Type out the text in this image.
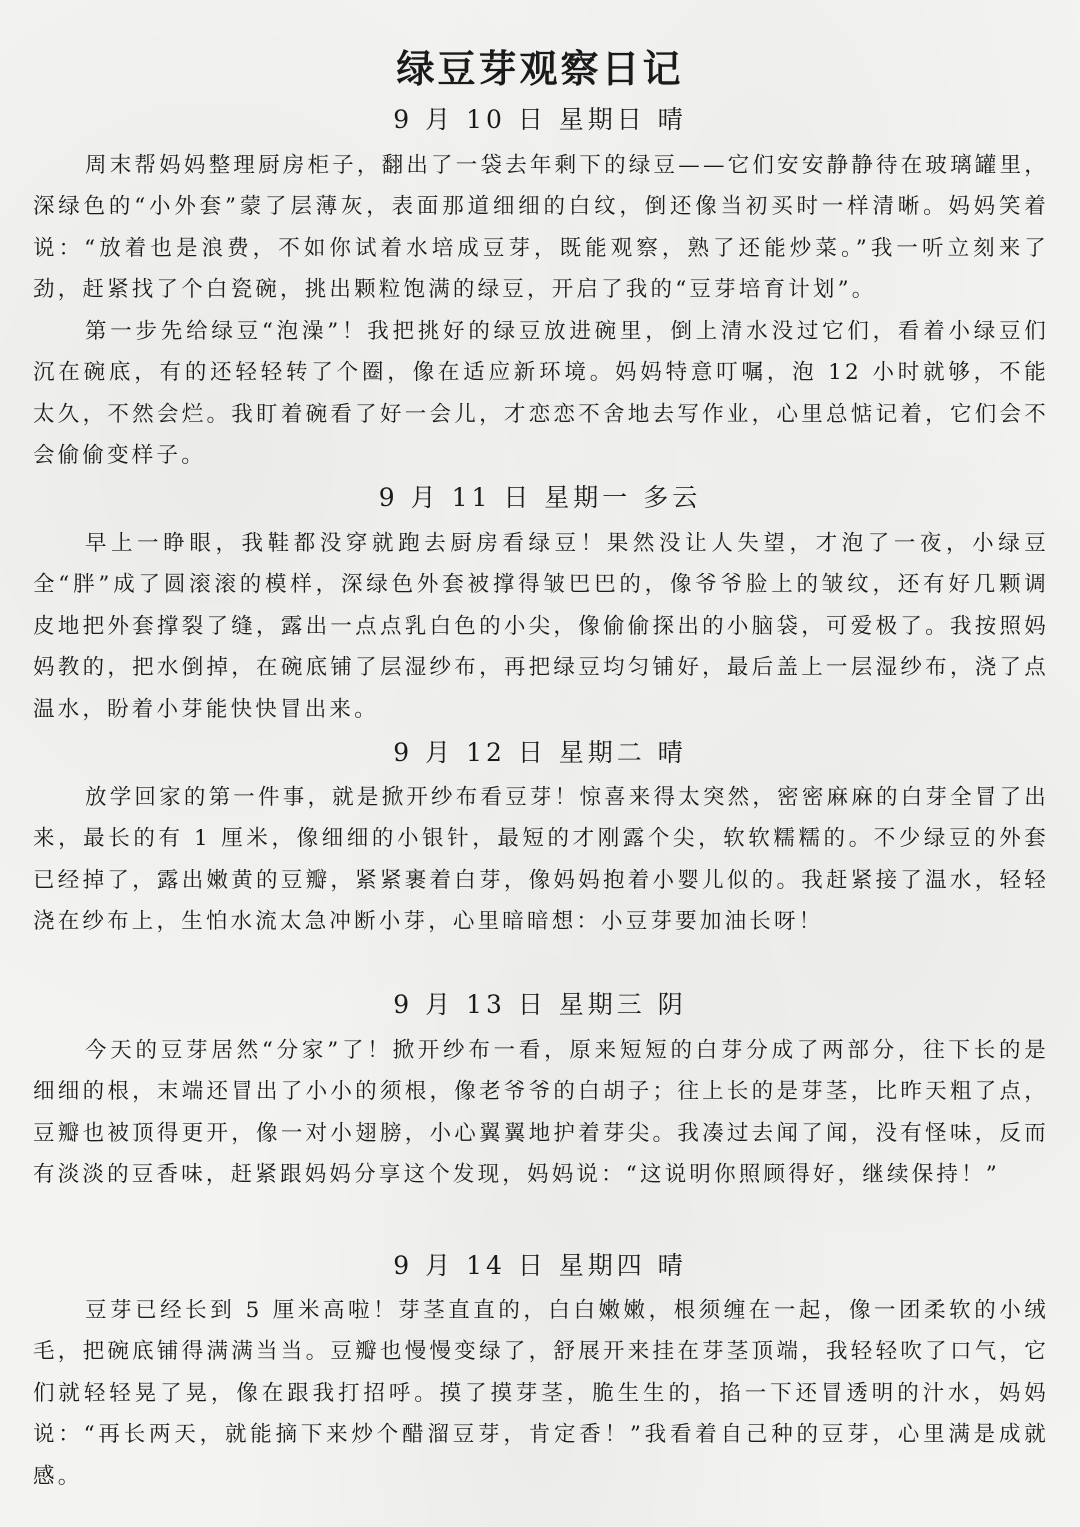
绿豆芽观察日记
9 月 10 日 星期日 晴

周末帮妈妈整理厨房柜子，翻出了一袋去年剩下的绿豆——它们安安静静待在玻璃罐里，深绿色的“小外套”蒙了层薄灰，表面那道细细的白纹，倒还像当初买时一样清晰。妈妈笑着说：“放着也是浪费，不如你试着水培成豆芽，既能观察，熟了还能炒菜。”我一听立刻来了劲，赶紧找了个白瓷碗，挑出颗粒饱满的绿豆，开启了我的“豆芽培育计划”。

第一步先给绿豆“泡澡”！我把挑好的绿豆放进碗里，倒上清水没过它们，看着小绿豆们沉在碗底，有的还轻轻转了个圈，像在适应新环境。妈妈特意叮嘱，泡 12 小时就够，不能太久，不然会烂。我盯着碗看了好一会儿，才恋恋不舍地去写作业，心里总惦记着，它们会不会偷偷变样子。

9 月 11 日 星期一 多云

早上一睁眼，我鞋都没穿就跑去厨房看绿豆！果然没让人失望，才泡了一夜，小绿豆全“胖”成了圆滚滚的模样，深绿色外套被撑得皱巴巴的，像爷爷脸上的皱纹，还有好几颗调皮地把外套撑裂了缝，露出一点点乳白色的小尖，像偷偷探出的小脑袋，可爱极了。我按照妈妈教的，把水倒掉，在碗底铺了层湿纱布，再把绿豆均匀铺好，最后盖上一层湿纱布，浇了点温水，盼着小芽能快快冒出来。

9 月 12 日 星期二 晴

放学回家的第一件事，就是掀开纱布看豆芽！惊喜来得太突然，密密麻麻的白芽全冒了出来，最长的有 1 厘米，像细细的小银针，最短的才刚露个尖，软软糯糯的。不少绿豆的外套已经掉了，露出嫩黄的豆瓣，紧紧裹着白芽，像妈妈抱着小婴儿似的。我赶紧接了温水，轻轻浇在纱布上，生怕水流太急冲断小芽，心里暗暗想：小豆芽要加油长呀！

9 月 13 日 星期三 阴

今天的豆芽居然“分家”了！掀开纱布一看，原来短短的白芽分成了两部分，往下长的是细细的根，末端还冒出了小小的须根，像老爷爷的白胡子；往上长的是芽茎，比昨天粗了点，豆瓣也被顶得更开，像一对小翅膀，小心翼翼地护着芽尖。我凑过去闻了闻，没有怪味，反而有淡淡的豆香味，赶紧跟妈妈分享这个发现，妈妈说：“这说明你照顾得好，继续保持！”

9 月 14 日 星期四 晴

豆芽已经长到 5 厘米高啦！芽茎直直的，白白嫩嫩，根须缠在一起，像一团柔软的小绒毛，把碗底铺得满满当当。豆瓣也慢慢变绿了，舒展开来挂在芽茎顶端，我轻轻吹了口气，它们就轻轻晃了晃，像在跟我打招呼。摸了摸芽茎，脆生生的，掐一下还冒透明的汁水，妈妈说：“再长两天，就能摘下来炒个醋溜豆芽，肯定香！”我看着自己种的豆芽，心里满是成就感。
